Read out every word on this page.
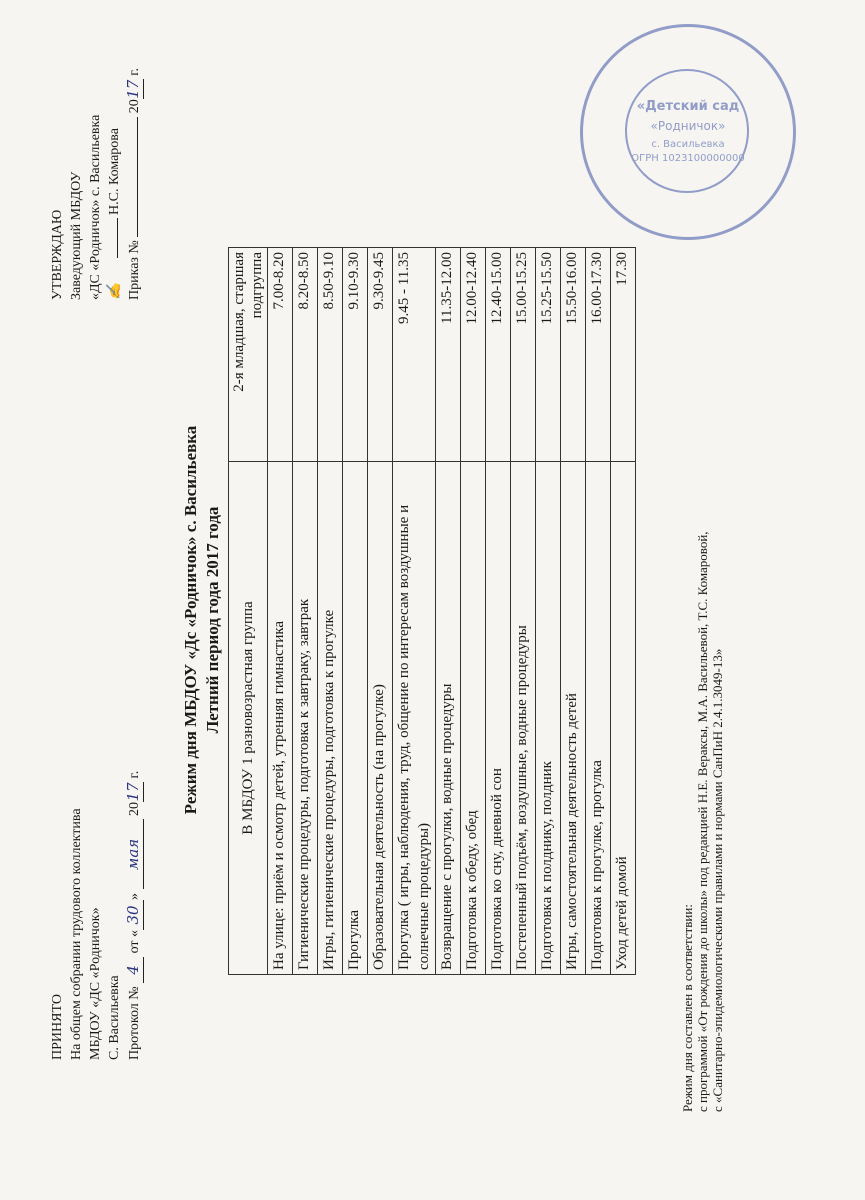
ПРИНЯТО На общем собрании трудового коллектива МБДОУ «ДС «Родничок» С. Васильевка Протокол № 4 от «30» мая 2017 г.
УТВЕРЖДАЮ Заведующий МБДОУ «ДС «Родничок» с. Васильевка ✍  Н.С. Комарова
Приказ №  2017 г.
Режим дня МБДОУ «Дс «Родничок» с. Васильевка Летний период года 2017 года В МБДОУ 1 разновозрастная группа	2-я младшая, старшая подгруппа
На улице: приём и осмотр детей, утренняя гимнастика	7.00-8.20
Гигиенические процедуры, подготовка к завтраку, завтрак	8.20-8.50
Игры, гигиенические процедуры, подготовка к прогулке	8.50-9.10
Прогулка	9.10-9.30
Образовательная деятельность (на прогулке)	9.30-9.45
Прогулка ( игры, наблюдения, труд, общение по интересам воздушные и солнечные процедуры)	9.45 - 11.35
Возвращение с прогулки, водные процедуры	11.35-12.00
Подготовка к обеду, обед	12.00-12.40
Подготовка ко сну, дневной сон	12.40-15.00
Постепенный подъём, воздушные, водные процедуры	15.00-15.25
Подготовка к полднику, полдник	15.25-15.50
Игры, самостоятельная деятельность детей	15.50-16.00
Подготовка к прогулке, прогулка	16.00-17.30
Уход детей домой	17.30
Режим дня составлен в соответствии: с программой «От рождения до школы» под редакцией Н.Е. Вераксы, М.А. Васильевой, Т.С. Комаровой, с «Санитарно-эпидемиологическими правилами и нормами СанПиН 2.4.1.3049-13»
«Детский сад
«Родничок»
с. Васильевка
ОГРН 1023100000000
